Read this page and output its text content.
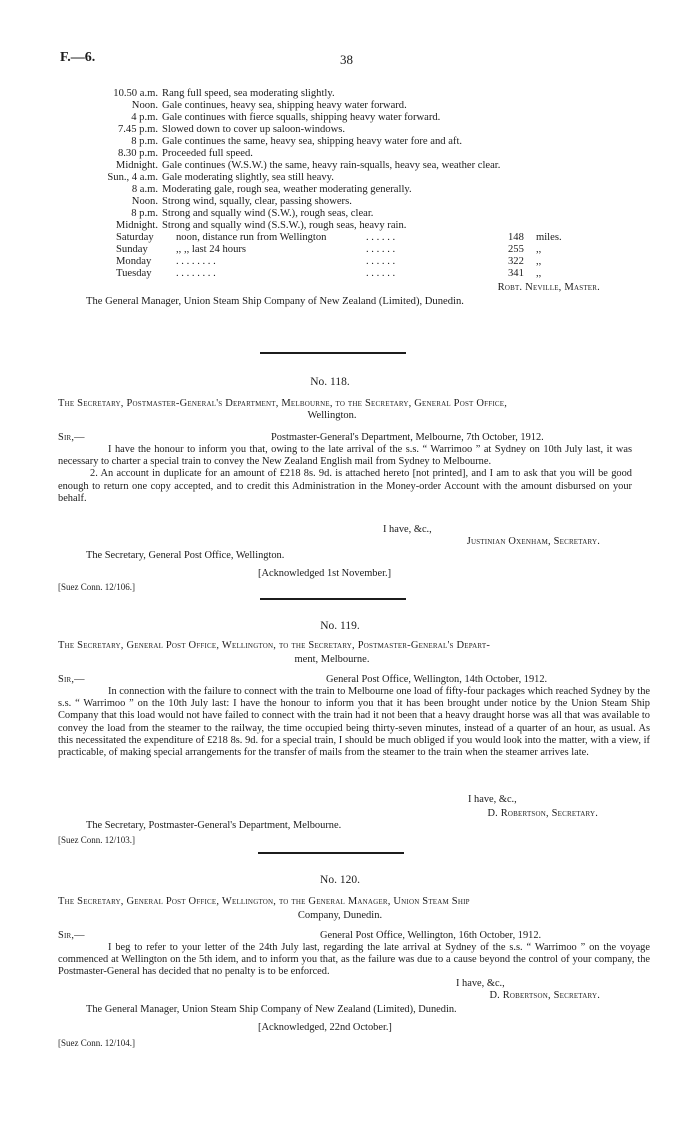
F.—6.	38
10.50 a.m. Rang full speed, sea moderating slightly.
Noon. Gale continues, heavy sea, shipping heavy water forward.
4 p.m. Gale continues with fierce squalls, shipping heavy water forward.
7.45 p.m. Slowed down to cover up saloon-windows.
8 p.m. Gale continues the same, heavy sea, shipping heavy water fore and aft.
8.30 p.m. Proceeded full speed.
Midnight. Gale continues (W.S.W.) the same, heavy rain-squalls, heavy sea, weather clear.
Sun., 4 a.m. Gale moderating slightly, sea still heavy.
8 a.m. Moderating gale, rough sea, weather moderating generally.
Noon. Strong wind, squally, clear, passing showers.
8 p.m. Strong and squally wind (S.W.), rough seas, clear.
Midnight. Strong and squally wind (S.S.W.), rough seas, heavy rain.
Saturday noon, distance run from Wellington	. . . . . .	148 miles.
Sunday	,, ,, last 24 hours	. . . . . .	255 ,,
Monday . . . . . . . .	. . . . . .	322 ,,
Tuesday . . . . . . . .	. . . . . .	341 ,,
Robt. Neville, Master.
The General Manager, Union Steam Ship Company of New Zealand (Limited), Dunedin.
No. 118.
The Secretary, Postmaster-General's Department, Melbourne, to the Secretary, General Post Office,
Wellington.
Sir,—	Postmaster-General's Department, Melbourne, 7th October, 1912.

I have the honour to inform you that, owing to the late arrival of the s.s. “ Warrimoo ” at Sydney on 10th July last, it was necessary to charter a special train to convey the New Zealand English mail from Sydney to Melbourne.

2. An account in duplicate for an amount of £218 8s. 9d. is attached hereto [not printed], and I am to ask that you will be good enough to return one copy accepted, and to credit this Administration in the Money-order Account with the amount disbursed on your behalf.

I have, &c.,
Justinian Oxenham, Secretary.
The Secretary, General Post Office, Wellington.
[Acknowledged 1st November.]
[Suez Conn. 12/106.]
No. 119.
The Secretary, General Post Office, Wellington, to the Secretary, Postmaster-General's Depart-
ment, Melbourne.
Sir,—	General Post Office, Wellington, 14th October, 1912.

In connection with the failure to connect with the train to Melbourne one load of fifty-four packages which reached Sydney by the s.s. “ Warrimoo ” on the 10th July last: I have the honour to inform you that it has been brought under notice by the Union Steam Ship Company that this load would not have failed to connect with the train had it not been that a heavy draught horse was all that was available to convey the load from the steamer to the railway, the time occupied being thirty-seven minutes, instead of a quarter of an hour, as usual. As this necessitated the expenditure of £218 8s. 9d. for a special train, I should be much obliged if you would look into the matter, with a view, if practicable, of making special arrangements for the transfer of mails from the steamer to the train when the steamer arrives late.

I have, &c.,
D. Robertson, Secretary.
The Secretary, Postmaster-General's Department, Melbourne.
[Suez Conn. 12/103.]
No. 120.
The Secretary, General Post Office, Wellington, to the General Manager, Union Steam Ship
Company, Dunedin.
Sir,—	General Post Office, Wellington, 16th October, 1912.

I beg to refer to your letter of the 24th July last, regarding the late arrival at Sydney of the s.s. “ Warrimoo ” on the voyage commenced at Wellington on the 5th idem, and to inform you that, as the failure was due to a cause beyond the control of your company, the Postmaster-General has decided that no penalty is to be enforced.

I have, &c.,
D. Robertson, Secretary.
The General Manager, Union Steam Ship Company of New Zealand (Limited), Dunedin.
[Acknowledged, 22nd October.]
[Suez Conn. 12/104.]
